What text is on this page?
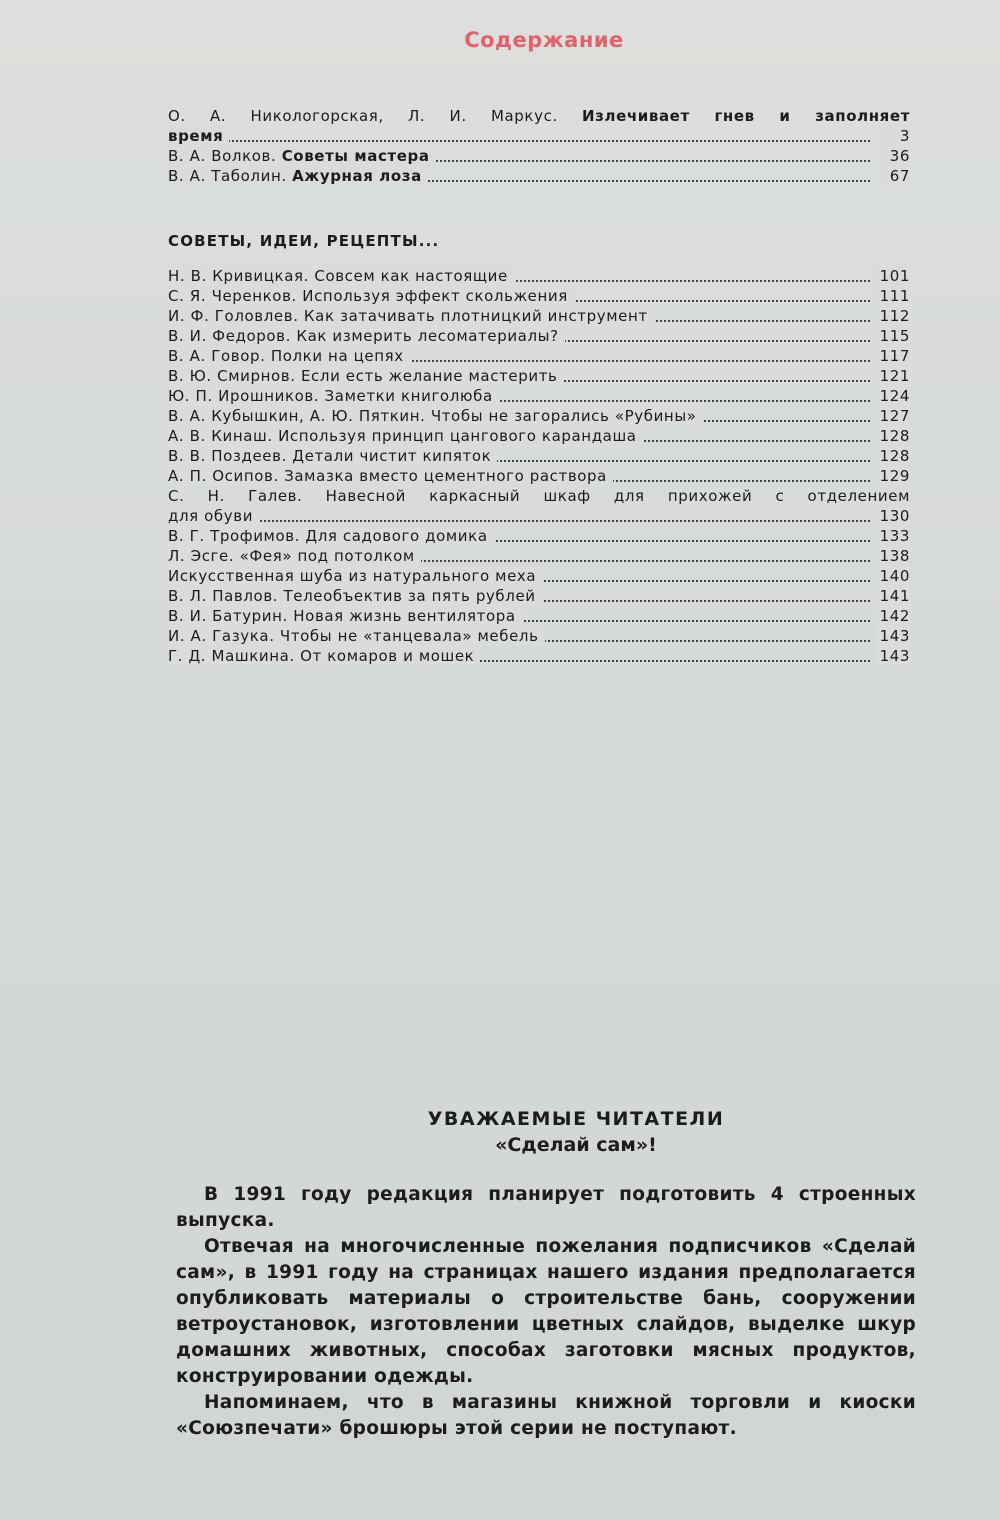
Содержание
О. А. Никологорская, Л. И. Маркус. Излечивает гнев и заполняет
время	3
В. А. Волков. Советы мастера	36
В. А. Таболин. Ажурная лоза	67
СОВЕТЫ, ИДЕИ, РЕЦЕПТЫ...
Н. В. Кривицкая. Совсем как настоящие	101
С. Я. Черенков. Используя эффект скольжения	111
И. Ф. Головлев. Как затачивать плотницкий инструмент	112
В. И. Федоров. Как измерить лесоматериалы?	115
В. А. Говор. Полки на цепях	117
В. Ю. Смирнов. Если есть желание мастерить	121
Ю. П. Ирошников. Заметки книголюба	124
В. А. Кубышкин, А. Ю. Пяткин. Чтобы не загорались «Рубины»	127
А. В. Кинаш. Используя принцип цангового карандаша	128
В. В. Поздеев. Детали чистит кипяток	128
А. П. Осипов. Замазка вместо цементного раствора	129
С. Н. Галев. Навесной каркасный шкаф для прихожей с отделением
для обуви	130
В. Г. Трофимов. Для садового домика	133
Л. Эсге. «Фея» под потолком	138
Искусственная шуба из натурального меха	140
В. Л. Павлов. Телеобъектив за пять рублей	141
В. И. Батурин. Новая жизнь вентилятора	142
И. А. Газука. Чтобы не «танцевала» мебель	143
Г. Д. Машкина. От комаров и мошек	143
УВАЖАЕМЫЕ ЧИТАТЕЛИ
«Сделай сам»!

В 1991 году редакция планирует подготовить 4 строенных выпуска.

Отвечая на многочисленные пожелания подписчиков «Сделай сам», в 1991 году на страницах нашего издания предполагается опубликовать материалы о строительстве бань, сооружении ветроустановок, изготовлении цветных слайдов, выделке шкур домашних животных, способах заготовки мясных продуктов, конструировании одежды.

Напоминаем, что в магазины книжной торговли и киоски «Союзпечати» брошюры этой серии не поступают.
